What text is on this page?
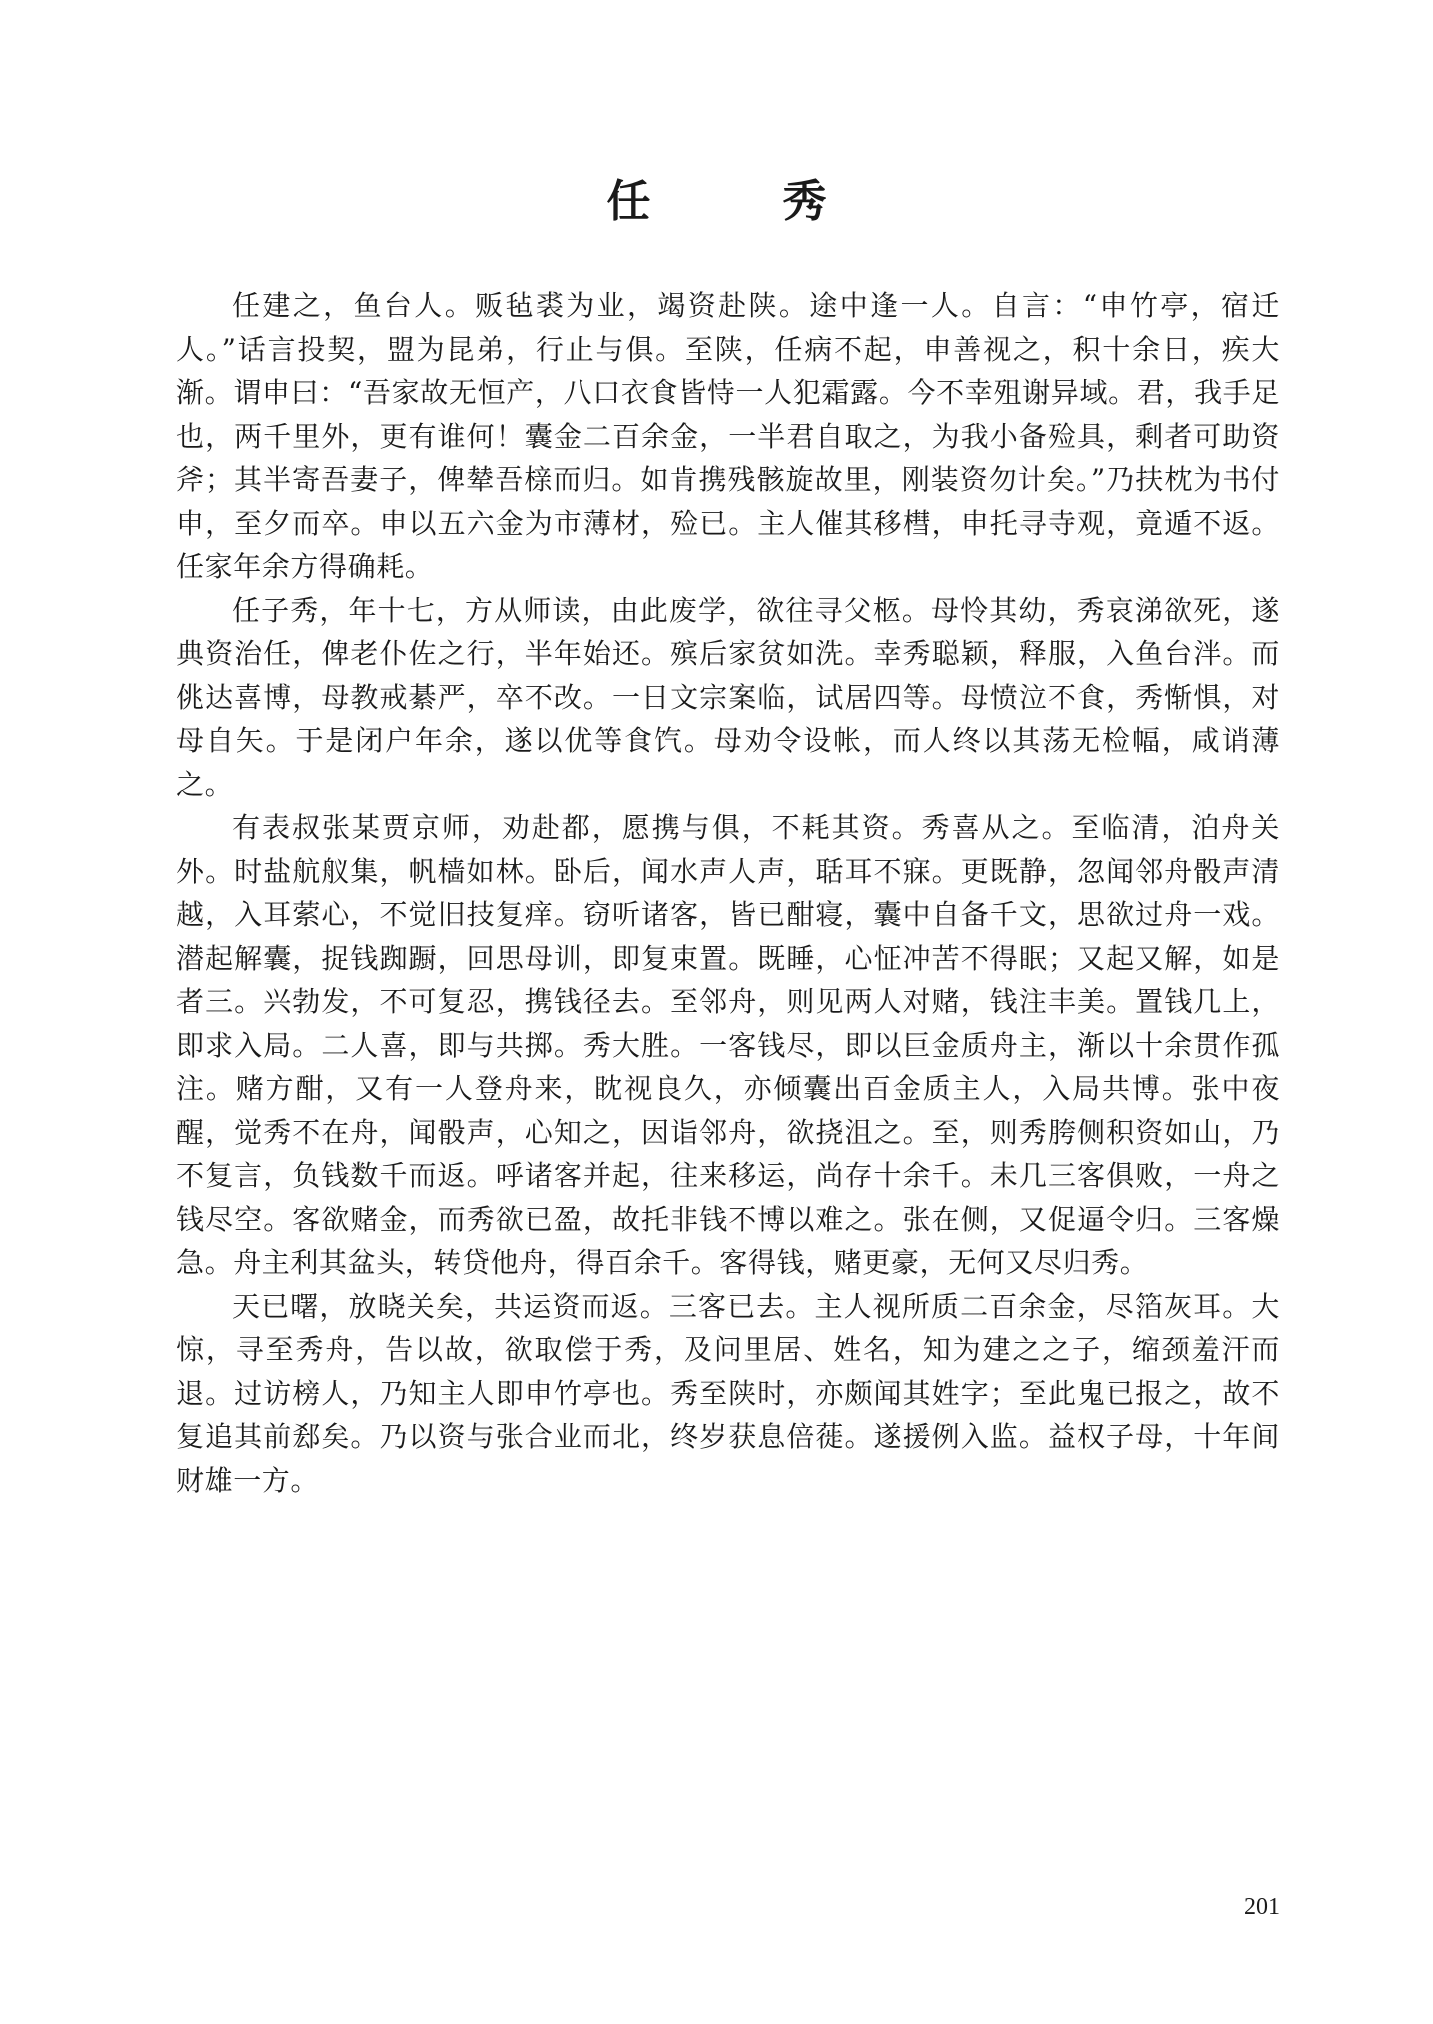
任　秀

任建之，鱼台人。贩毡裘为业，竭资赴陕。途中逢一人。自言：“申竹亭，宿迁人。”话言投契，盟为昆弟，行止与俱。至陕，任病不起，申善视之，积十余日，疾大渐。谓申曰：“吾家故无恒产，八口衣食皆恃一人犯霜露。今不幸殂谢异域。君，我手足也，两千里外，更有谁何！囊金二百余金，一半君自取之，为我小备殓具，剩者可助资斧；其半寄吾妻子，俾辇吾榇而归。如肯携残骸旋故里，刚装资勿计矣。”乃扶枕为书付申，至夕而卒。申以五六金为市薄材，殓已。主人催其移槥，申托寻寺观，竟遁不返。任家年余方得确耗。

任子秀，年十七，方从师读，由此废学，欲往寻父柩。母怜其幼，秀哀涕欲死，遂典资治任，俾老仆佐之行，半年始还。殡后家贫如洗。幸秀聪颖，释服，入鱼台泮。而佻达喜博，母教戒綦严，卒不改。一日文宗案临，试居四等。母愤泣不食，秀惭惧，对母自矢。于是闭户年余，遂以优等食饩。母劝令设帐，而人终以其荡无检幅，咸诮薄之。

有表叔张某贾京师，劝赴都，愿携与俱，不耗其资。秀喜从之。至临清，泊舟关外。时盐航舣集，帆樯如林。卧后，闻水声人声，聒耳不寐。更既静，忽闻邻舟骰声清越，入耳萦心，不觉旧技复痒。窃听诸客，皆已酣寝，囊中自备千文，思欲过舟一戏。潜起解囊，捉钱踟蹰，回思母训，即复束置。既睡，心怔冲苦不得眠；又起又解，如是者三。兴勃发，不可复忍，携钱径去。至邻舟，则见两人对赌，钱注丰美。置钱几上，即求入局。二人喜，即与共掷。秀大胜。一客钱尽，即以巨金质舟主，渐以十余贯作孤注。赌方酣，又有一人登舟来，眈视良久，亦倾囊出百金质主人，入局共博。张中夜醒，觉秀不在舟，闻骰声，心知之，因诣邻舟，欲挠沮之。至，则秀胯侧积资如山，乃不复言，负钱数千而返。呼诸客并起，往来移运，尚存十余千。未几三客俱败，一舟之钱尽空。客欲赌金，而秀欲已盈，故托非钱不博以难之。张在侧，又促逼令归。三客燥急。舟主利其盆头，转贷他舟，得百余千。客得钱，赌更豪，无何又尽归秀。

天已曙，放晓关矣，共运资而返。三客已去。主人视所质二百余金，尽箔灰耳。大惊，寻至秀舟，告以故，欲取偿于秀，及问里居、姓名，知为建之之子，缩颈羞汗而退。过访榜人，乃知主人即申竹亭也。秀至陕时，亦颇闻其姓字；至此鬼已报之，故不复追其前郄矣。乃以资与张合业而北，终岁获息倍蓰。遂援例入监。益权子母，十年间财雄一方。

201
